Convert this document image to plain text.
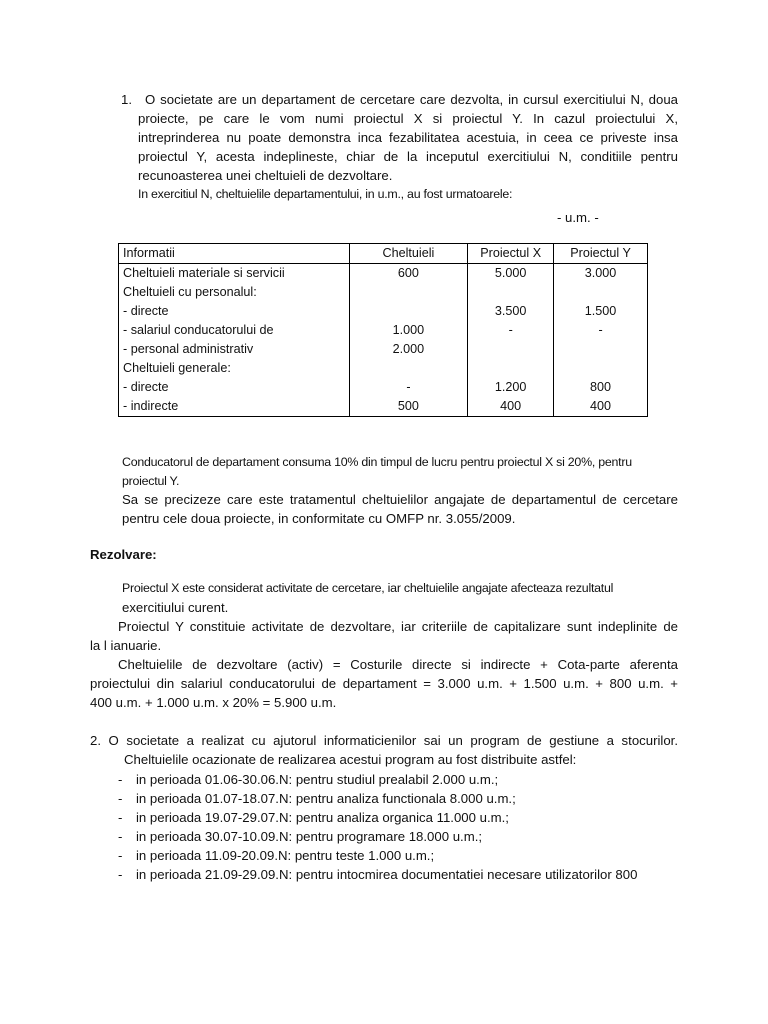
1. O societate are un departament de cercetare care dezvolta, in cursul exercitiului N, doua
proiecte, pe care le vom numi proiectul X si proiectul Y. In cazul proiectului X,
intreprinderea nu poate demonstra inca fezabilitatea acestuia, in ceea ce priveste insa
proiectul Y, acesta indeplineste, chiar de la inceputul exercitiului N, conditiile pentru
recunoasterea unei cheltuieli de dezvoltare.
In exercitiul N, cheltuielile departamentului, in u.m., au fost urmatoarele:
- u.m. -
Informatii	Cheltuieli	Proiectul X	Proiectul Y
Cheltuieli materiale si servicii	600	5.000	3.000
Cheltuieli cu personalul:			
- directe		3.500	1.500
- salariul conducatorului de	1.000	-	-
- personal administrativ	2.000		
Cheltuieli generale:			
- directe	-	1.200	800
- indirecte	500	400	400
Conducatorul de departament consuma 10% din timpul de lucru pentru proiectul X si 20%, pentru
proiectul Y.
Sa se precizeze care este tratamentul cheltuielilor angajate de departamentul de cercetare
pentru cele doua proiecte, in conformitate cu OMFP nr. 3.055/2009.
Rezolvare:
Proiectul X este considerat activitate de cercetare, iar cheltuielile angajate afecteaza rezultatul
exercitiului curent.
Proiectul Y constituie activitate de dezvoltare, iar criteriile de capitalizare sunt indeplinite de
la l ianuarie.
Cheltuielile de dezvoltare (activ) = Costurile directe si indirecte + Cota-parte aferenta
proiectului din salariul conducatorului de departament = 3.000 u.m. + 1.500 u.m. + 800 u.m. +
400 u.m. + 1.000 u.m. x 20% = 5.900 u.m.
2. O societate a realizat cu ajutorul informaticienilor sai un program de gestiune a stocurilor.
Cheltuielile ocazionate de realizarea acestui program au fost distribuite astfel:
- in perioada 01.06-30.06.N: pentru studiul prealabil 2.000 u.m.;
- in perioada 01.07-18.07.N: pentru analiza functionala 8.000 u.m.;
- in perioada 19.07-29.07.N: pentru analiza organica 11.000 u.m.;
- in perioada 30.07-10.09.N: pentru programare 18.000 u.m.;
- in perioada 11.09-20.09.N: pentru teste 1.000 u.m.;
- in perioada 21.09-29.09.N: pentru intocmirea documentatiei necesare utilizatorilor 800
